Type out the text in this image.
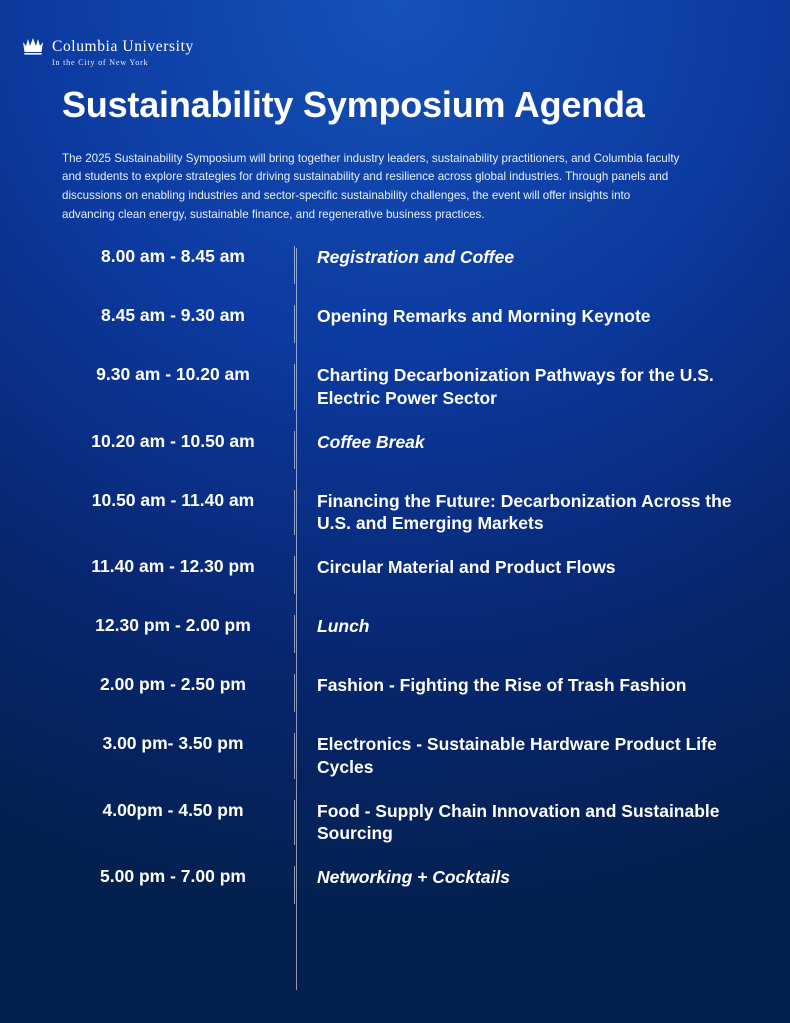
Columbia University
In the City of New York
Sustainability Symposium Agenda

The 2025 Sustainability Symposium will bring together industry leaders, sustainability practitioners, and Columbia faculty and students to explore strategies for driving sustainability and resilience across global industries. Through panels and discussions on enabling industries and sector-specific sustainability challenges, the event will offer insights into advancing clean energy, sustainable finance, and regenerative business practices.

8.00 am - 8.45 am	Registration and Coffee
8.45 am - 9.30 am	Opening Remarks and Morning Keynote
9.30 am - 10.20 am	Charting Decarbonization Pathways for the U.S. Electric Power Sector
10.20 am - 10.50 am	Coffee Break
10.50 am - 11.40 am	Financing the Future: Decarbonization Across the U.S. and Emerging Markets
11.40 am - 12.30 pm	Circular Material and Product Flows
12.30 pm - 2.00 pm	Lunch
2.00 pm - 2.50 pm	Fashion - Fighting the Rise of Trash Fashion
3.00 pm- 3.50 pm	Electronics - Sustainable Hardware Product Life Cycles
4.00pm - 4.50 pm	Food - Supply Chain Innovation and Sustainable Sourcing
5.00 pm - 7.00 pm	Networking + Cocktails
